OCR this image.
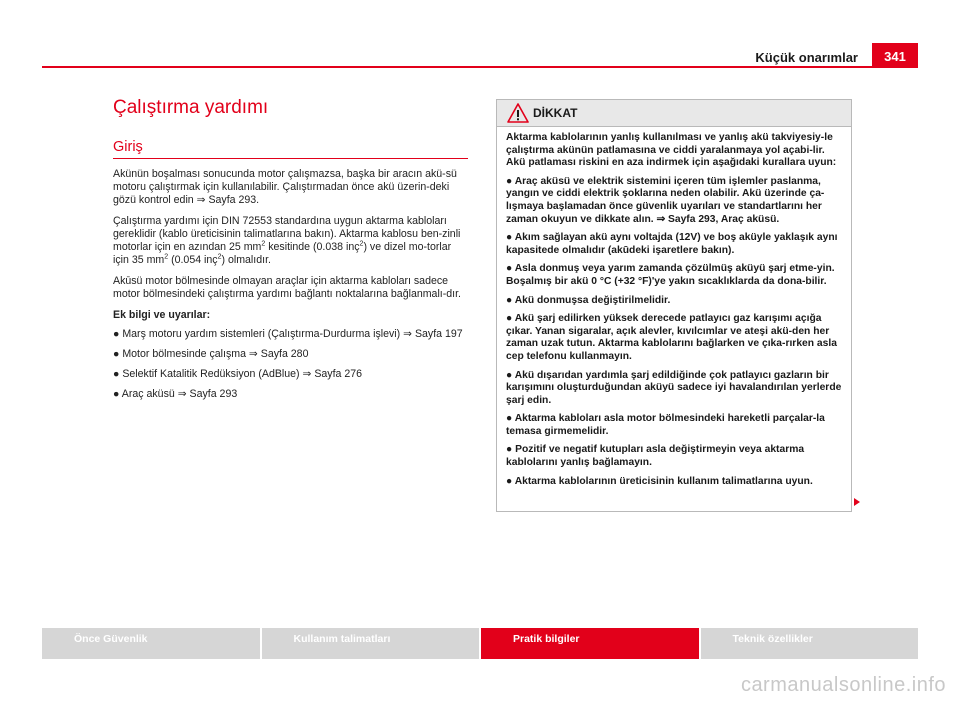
Küçük onarımlar	341
Çalıştırma yardımı
Giriş

Akünün boşalması sonucunda motor çalışmazsa, başka bir aracın akü-sü motoru çalıştırmak için kullanılabilir. Çalıştırmadan önce akü üzerin-deki gözü kontrol edin ⇒ Sayfa 293.

Çalıştırma yardımı için DIN 72553 standardına uygun aktarma kabloları gereklidir (kablo üreticisinin talimatlarına bakın). Aktarma kablosu ben-zinli motorlar için en azından 25 $mm^2$ kesitinde (0.038 inç$^2$) ve dizel mo-torlar için 35 $mm^2$ (0.054 inç$^2$) olmalıdır.

Akūsü motor bölmesinde olmayan araçlar için aktarma kabloları sadece motor bölmesindeki çalıştırma yardımı bağlantı noktalarına bağlanmalı-dır.

Ek bilgi ve uyarılar:

● Marş motoru yardım sistemleri (Çalıştırma-Durdurma işlevi) ⇒ Sayfa 197

● Motor bölmesinde çalışma ⇒ Sayfa 280

● Selektif Katalitik Redüksiyon (AdBlue) ⇒ Sayfa 276

● Araç aküsü ⇒ Sayfa 293

DİKKAT

Aktarma kablolarının yanlış kullanılması ve yanlış akü takviyesiy-le çalıştırma akünün patlamasına ve ciddi yaralanmaya yol açabi-lir. Akü patlaması riskini en aza indirmek için aşağıdaki kurallara uyun:

● Araç aküsü ve elektrik sistemini içeren tüm işlemler paslanma, yangın ve ciddi elektrik şoklarına neden olabilir. Akü üzerinde ça-lışmaya başlamadan önce güvenlik uyarıları ve standartlarını her zaman okuyun ve dikkate alın. ⇒ Sayfa 293, Araç aküsü.

● Akım sağlayan akü aynı voltajda (12V) ve boş aküyle yaklaşık aynı kapasitede olmalıdır (akūdeki işaretlere bakın).

● Asla donmuş veya yarım zamanda çözülmüş aküyü şarj etme-yin. Boşalmış bir akü 0 °C (+32 °F)'ye yakın sıcaklıklarda da dona-bilir.

● Akü donmuşsa değiştirilmelidir.

● Akü şarj edilirken yüksek derecede patlayıcı gaz karışımı açığa çıkar. Yanan sigaralar, açık alevler, kıvılcımlar ve ateşi akü-den her zaman uzak tutun. Aktarma kablolarını bağlarken ve çıka-rırken asla cep telefonu kullanmayın.

● Akü dışarıdan yardımla şarj edildiğinde çok patlayıcı gazların bir karışımını oluşturduğundan aküyü sadece iyi havalandırılan yerlerde şarj edin.

● Aktarma kabloları asla motor bölmesindeki hareketli parçalar-la temasa girmemelidir.

● Pozitif ve negatif kutupları asla değiştirmeyin veya aktarma kablolarını yanlış bağlamayın.

● Aktarma kablolarının üreticisinin kullanım talimatlarına uyun.

Önce Güvenlik	Kullanım talimatları	Pratik bilgiler	Teknik özellikler
carmanualsonline.info
